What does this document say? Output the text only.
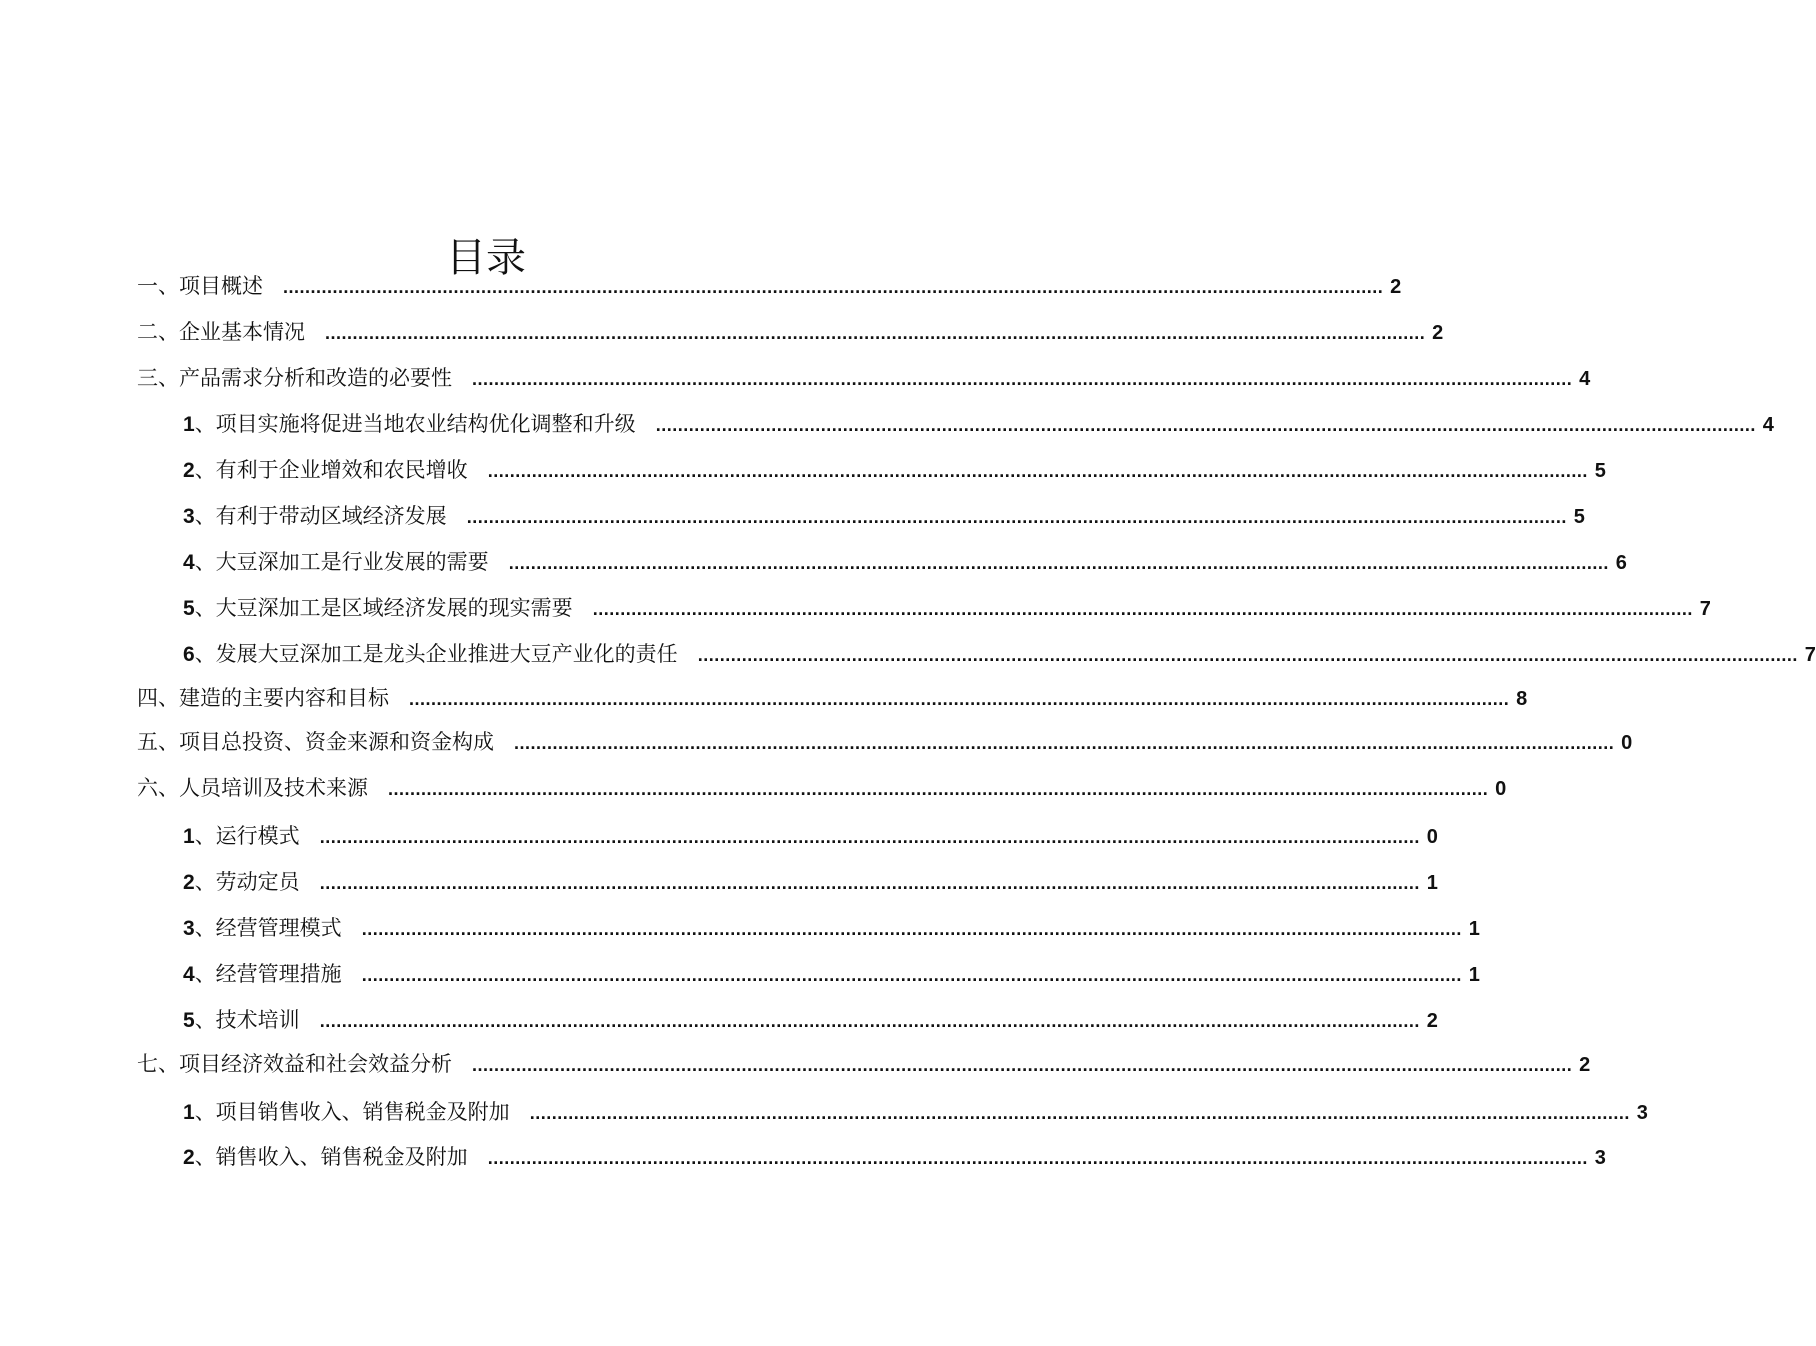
目录
一、项目概述 ........................................................................................................................................................................................................ 2
二、企业基本情况 ........................................................................................................................................................................................................ 2
三、产品需求分析和改造的必要性 ........................................................................................................................................................................................................ 4
1、项目实施将促进当地农业结构优化调整和升级 ........................................................................................................................................................................................................ 4
2、有利于企业增效和农民增收 ........................................................................................................................................................................................................ 5
3、有利于带动区域经济发展 ........................................................................................................................................................................................................ 5
4、大豆深加工是行业发展的需要 ........................................................................................................................................................................................................ 6
5、大豆深加工是区域经济发展的现实需要 ........................................................................................................................................................................................................ 7
6、发展大豆深加工是龙头企业推进大豆产业化的责任 ........................................................................................................................................................................................................ 7
四、建造的主要内容和目标 ........................................................................................................................................................................................................ 8
五、项目总投资、资金来源和资金构成 ........................................................................................................................................................................................................ 0
六、人员培训及技术来源 ........................................................................................................................................................................................................ 0
1、运行模式 ........................................................................................................................................................................................................ 0
2、劳动定员 ........................................................................................................................................................................................................ 1
3、经营管理模式 ........................................................................................................................................................................................................ 1
4、经营管理措施 ........................................................................................................................................................................................................ 1
5、技术培训 ........................................................................................................................................................................................................ 2
七、项目经济效益和社会效益分析 ........................................................................................................................................................................................................ 2
1、项目销售收入、销售税金及附加 ........................................................................................................................................................................................................ 3
2、销售收入、销售税金及附加 ........................................................................................................................................................................................................ 3
